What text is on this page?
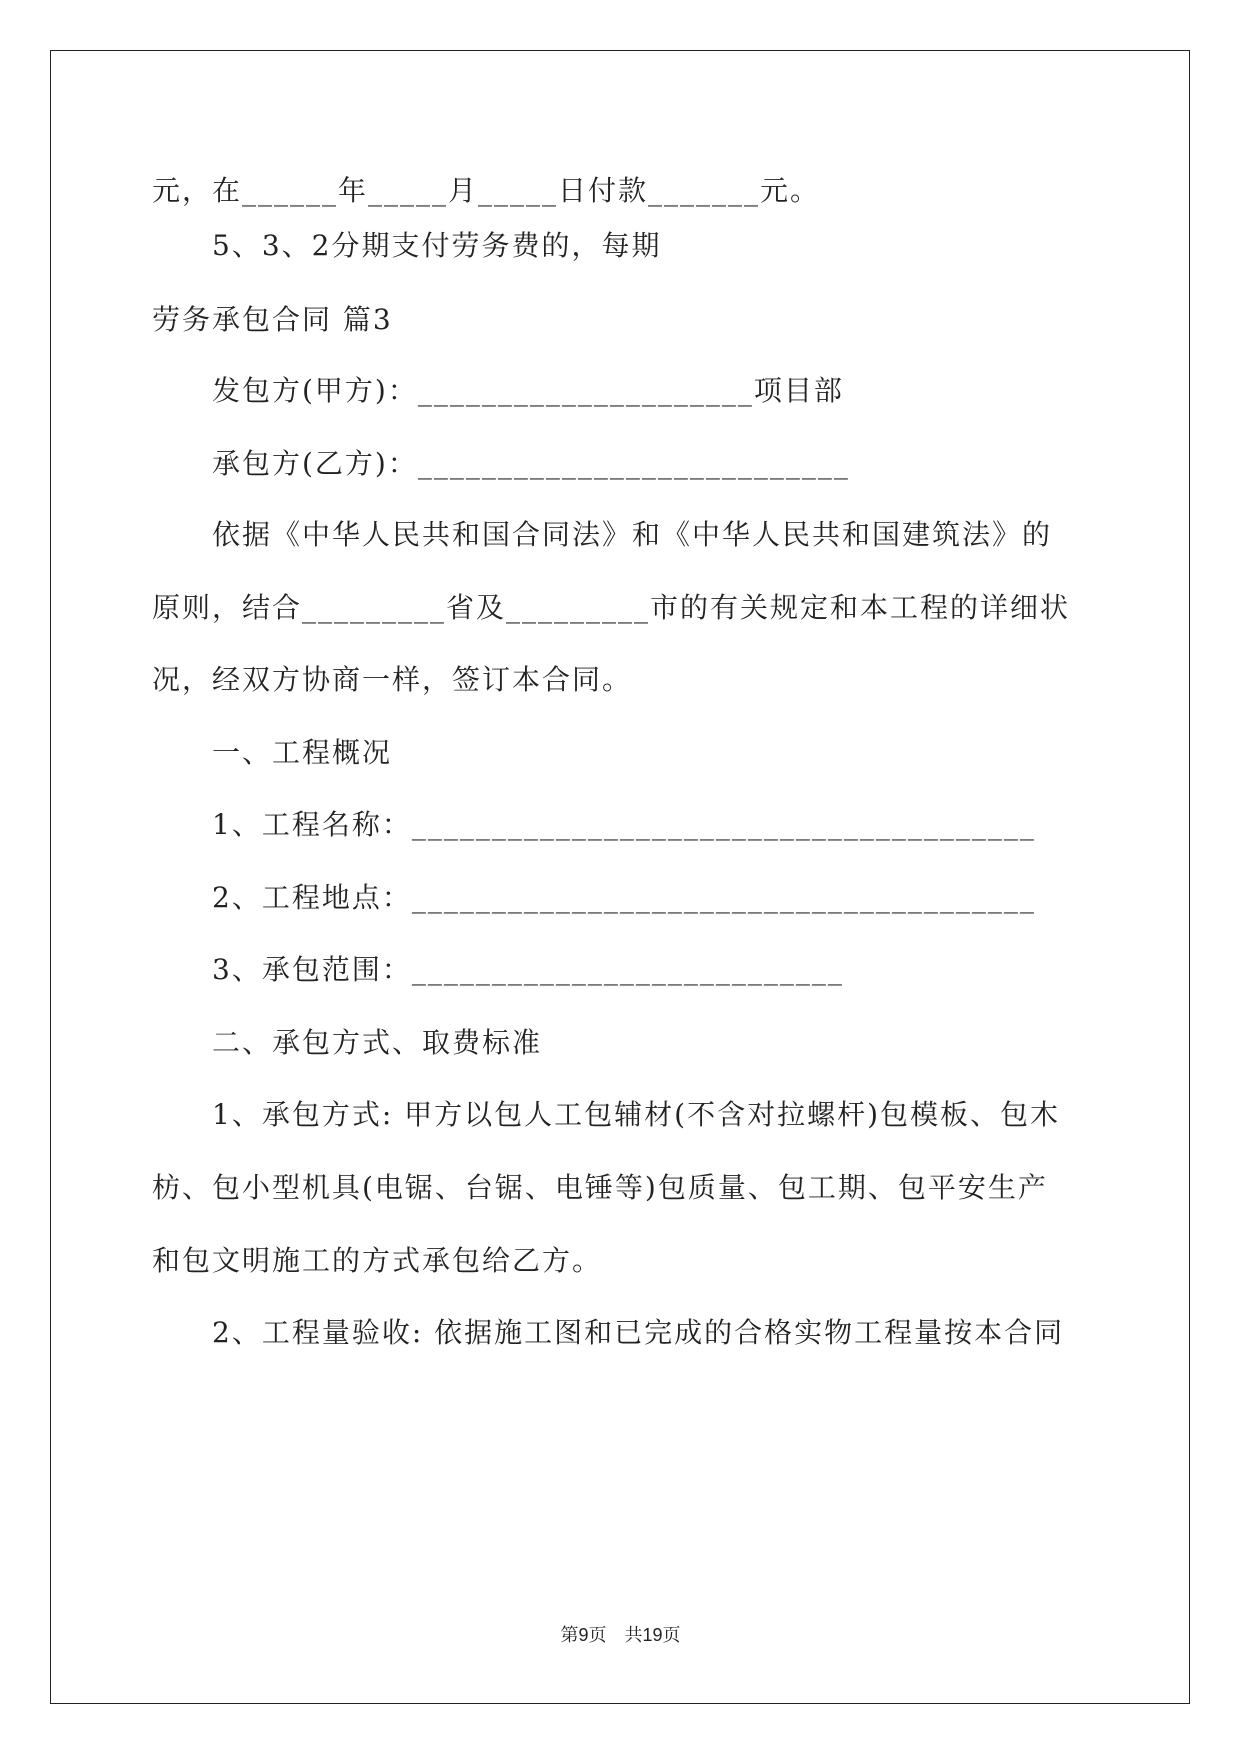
元，在______年_____月_____日付款_______元。

5、3、2分期支付劳务费的，每期

劳务承包合同 篇3

发包方(甲方)：_____________________项目部

承包方(乙方)：___________________________

依据《中华人民共和国合同法》和《中华人民共和国建筑法》的

原则，结合_________省及_________市的有关规定和本工程的详细状

况，经双方协商一样，签订本合同。

一、工程概况

1、工程名称：_______________________________________

2、工程地点：_______________________________________

3、承包范围：___________________________

二、承包方式、取费标准

1、承包方式: 甲方以包人工包辅材(不含对拉螺杆)包模板、包木

枋、包小型机具(电锯、台锯、电锤等)包质量、包工期、包平安生产

和包文明施工的方式承包给乙方。

2、工程量验收: 依据施工图和已完成的合格实物工程量按本合同

第9页　共19页
